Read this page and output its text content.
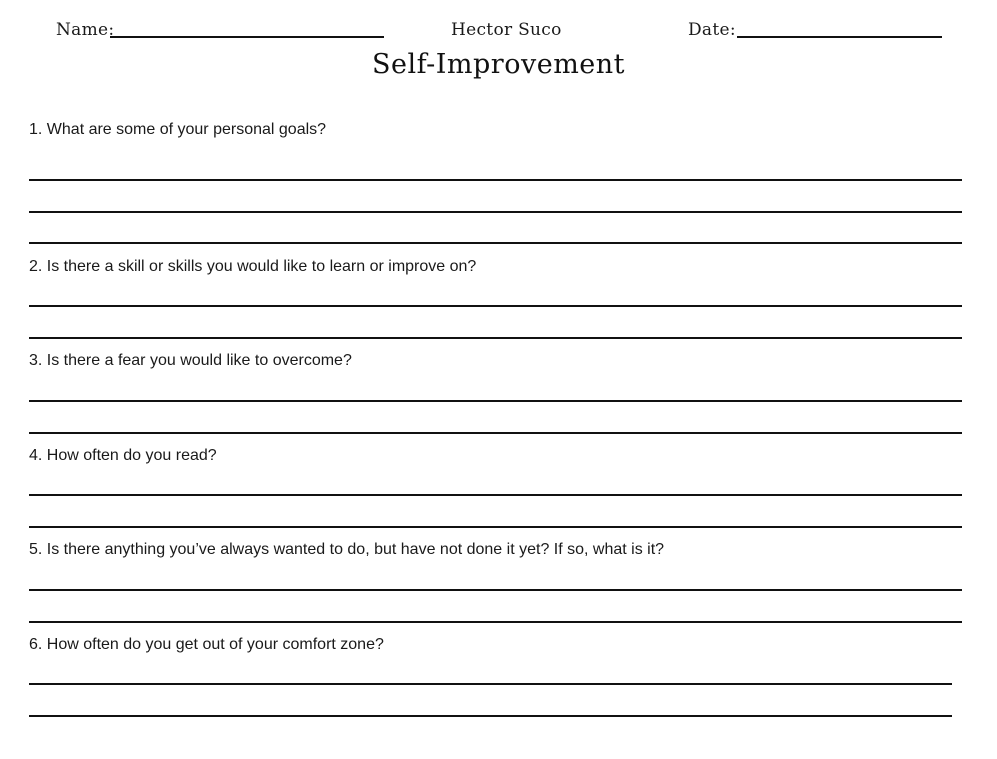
Name:	Hector Suco	Date:
Self-Improvement
1. What are some of your personal goals?
2. Is there a skill or skills you would like to learn or improve on?
3. Is there a fear you would like to overcome?
4. How often do you read?
5. Is there anything you’ve always wanted to do, but have not done it yet? If so, what is it?
6. How often do you get out of your comfort zone?
